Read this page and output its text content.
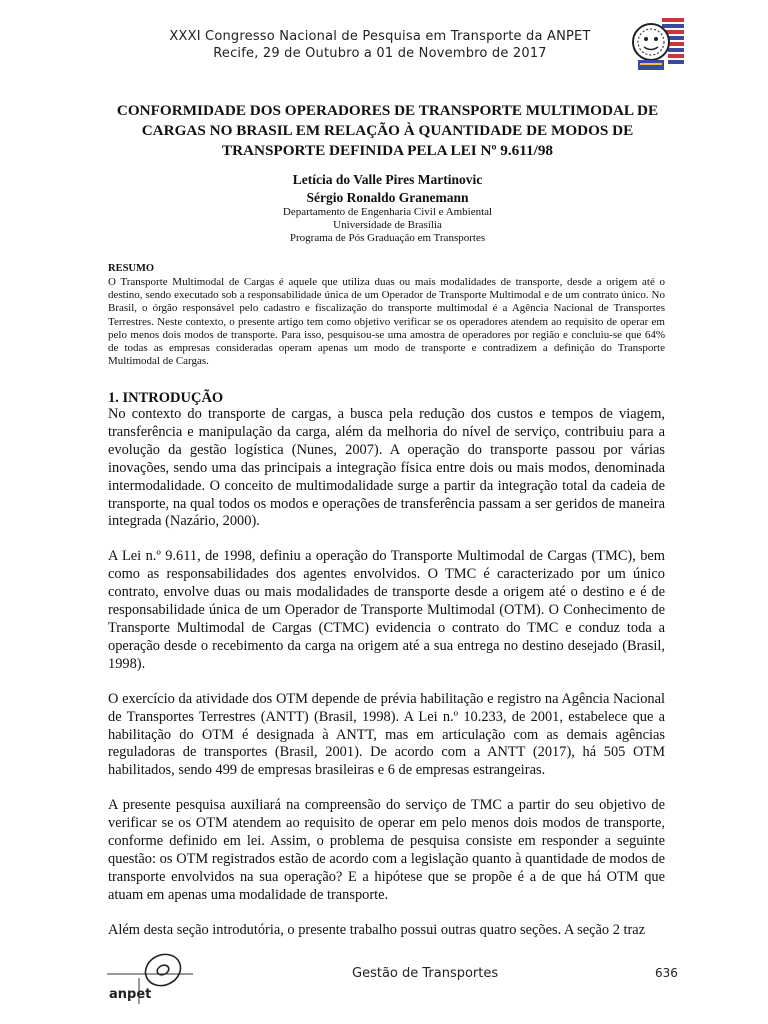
XXXI Congresso Nacional de Pesquisa em Transporte da ANPET
Recife, 29 de Outubro a 01 de Novembro de 2017
CONFORMIDADE DOS OPERADORES DE TRANSPORTE MULTIMODAL DE CARGAS NO BRASIL EM RELAÇÃO À QUANTIDADE DE MODOS DE TRANSPORTE DEFINIDA PELA LEI Nº 9.611/98
Letícia do Valle Pires Martinovic
Sérgio Ronaldo Granemann
Departamento de Engenharia Civil e Ambiental
Universidade de Brasília
Programa de Pós Graduação em Transportes
RESUMO

O Transporte Multimodal de Cargas é aquele que utiliza duas ou mais modalidades de transporte, desde a origem até o destino, sendo executado sob a responsabilidade única de um Operador de Transporte Multimodal e de um contrato único. No Brasil, o órgão responsável pelo cadastro e fiscalização do transporte multimodal é a Agência Nacional de Transportes Terrestres. Neste contexto, o presente artigo tem como objetivo verificar se os operadores atendem ao requisito de operar em pelo menos dois modos de transporte. Para isso, pesquisou-se uma amostra de operadores por região e concluiu-se que 64% de todas as empresas consideradas operam apenas um modo de transporte e contradizem a definição do Transporte Multimodal de Cargas.

1. INTRODUÇÃO

No contexto do transporte de cargas, a busca pela redução dos custos e tempos de viagem, transferência e manipulação da carga, além da melhoria do nível de serviço, contribuiu para a evolução da gestão logística (Nunes, 2007). A operação do transporte passou por várias inovações, sendo uma das principais a integração física entre dois ou mais modos, denominada intermodalidade. O conceito de multimodalidade surge a partir da integração total da cadeia de transporte, na qual todos os modos e operações de transferência passam a ser geridos de maneira integrada (Nazário, 2000).

A Lei n.º 9.611, de 1998, definiu a operação do Transporte Multimodal de Cargas (TMC), bem como as responsabilidades dos agentes envolvidos. O TMC é caracterizado por um único contrato, envolve duas ou mais modalidades de transporte desde a origem até o destino e é de responsabilidade única de um Operador de Transporte Multimodal (OTM). O Conhecimento de Transporte Multimodal de Cargas (CTMC) evidencia o contrato do TMC e conduz toda a operação desde o recebimento da carga na origem até a sua entrega no destino desejado (Brasil, 1998).

O exercício da atividade dos OTM depende de prévia habilitação e registro na Agência Nacional de Transportes Terrestres (ANTT) (Brasil, 1998). A Lei n.º 10.233, de 2001, estabelece que a habilitação do OTM é designada à ANTT, mas em articulação com as demais agências reguladoras de transportes (Brasil, 2001). De acordo com a ANTT (2017), há 505 OTM habilitados, sendo 499 de empresas brasileiras e 6 de empresas estrangeiras.

A presente pesquisa auxiliará na compreensão do serviço de TMC a partir do seu objetivo de verificar se os OTM atendem ao requisito de operar em pelo menos dois modos de transporte, conforme definido em lei. Assim, o problema de pesquisa consiste em responder a seguinte questão: os OTM registrados estão de acordo com a legislação quanto à quantidade de modos de transporte envolvidos na sua operação? E a hipótese que se propõe é a de que há OTM que atuam em apenas uma modalidade de transporte.

Além desta seção introdutória, o presente trabalho possui outras quatro seções. A seção 2 traz

anpet
Gestão de Transportes	636
